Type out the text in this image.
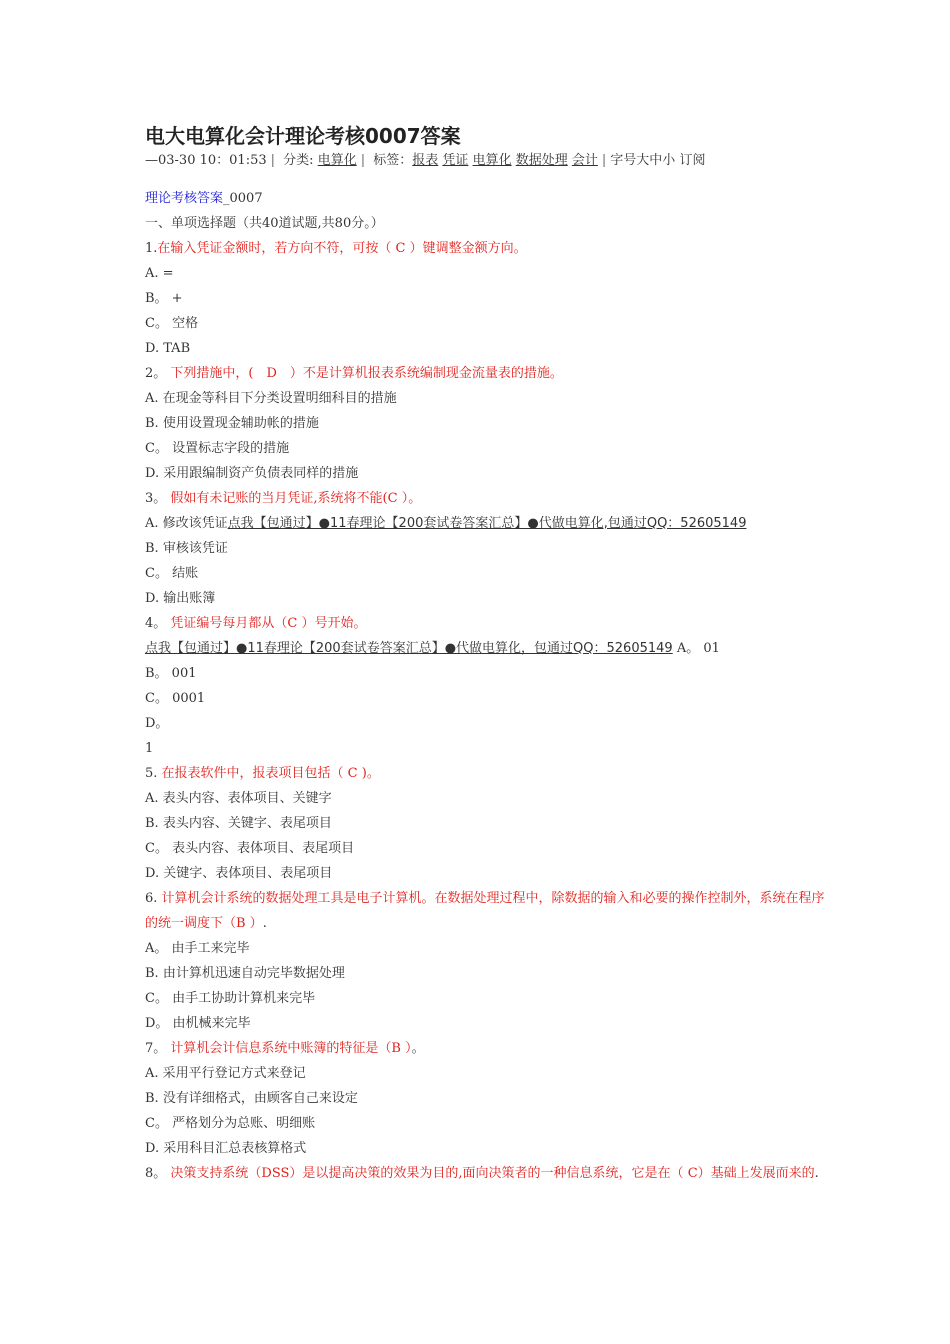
电大电算化会计理论考核0007答案
—03-30 10：01:53 | 分类: 电算化 | 标签：报表 凭证 电算化 数据处理 会计 | 字号大中小 订阅
理论考核答案_0007
一、单项选择题（共40道试题,共80分。）
1.在输入凭证金额时，若方向不符，可按（ C ）键调整金额方向。
A. =
B。 +
C。 空格
D. TAB
2。 下列措施中，(　D　）不是计算机报表系统编制现金流量表的措施。
A. 在现金等科目下分类设置明细科目的措施
B. 使用设置现金辅助帐的措施
C。 设置标志字段的措施
D. 采用跟编制资产负债表同样的措施
3。 假如有未记账的当月凭证,系统将不能(C ）。
A. 修改该凭证点我【包通过】●11春理论【200套试卷答案汇总】●代做电算化,包通过QQ：52605149
B. 审核该凭证
C。 结账
D. 输出账簿
4。 凭证编号每月都从（C ）号开始。
点我【包通过】●11春理论【200套试卷答案汇总】●代做电算化，包通过QQ：52605149 A。 01
B。 001
C。 0001
D。
1
5. 在报表软件中，报表项目包括（ C )。
A. 表头内容、表体项目、关键字
B. 表头内容、关键字、表尾项目
C。 表头内容、表体项目、表尾项目
D. 关键字、表体项目、表尾项目
6. 计算机会计系统的数据处理工具是电子计算机。在数据处理过程中，除数据的输入和必要的操作控制外，系统在程序的统一调度下（B ）.
A。 由手工来完毕
B. 由计算机迅速自动完毕数据处理
C。 由手工协助计算机来完毕
D。 由机械来完毕
7。 计算机会计信息系统中账簿的特征是（B ）。
A. 采用平行登记方式来登记
B. 没有详细格式，由顾客自己来设定
C。 严格划分为总账、明细账
D. 采用科目汇总表核算格式
8。 决策支持系统（DSS）是以提高决策的效果为目的,面向决策者的一种信息系统，它是在（ C）基础上发展而来的.
